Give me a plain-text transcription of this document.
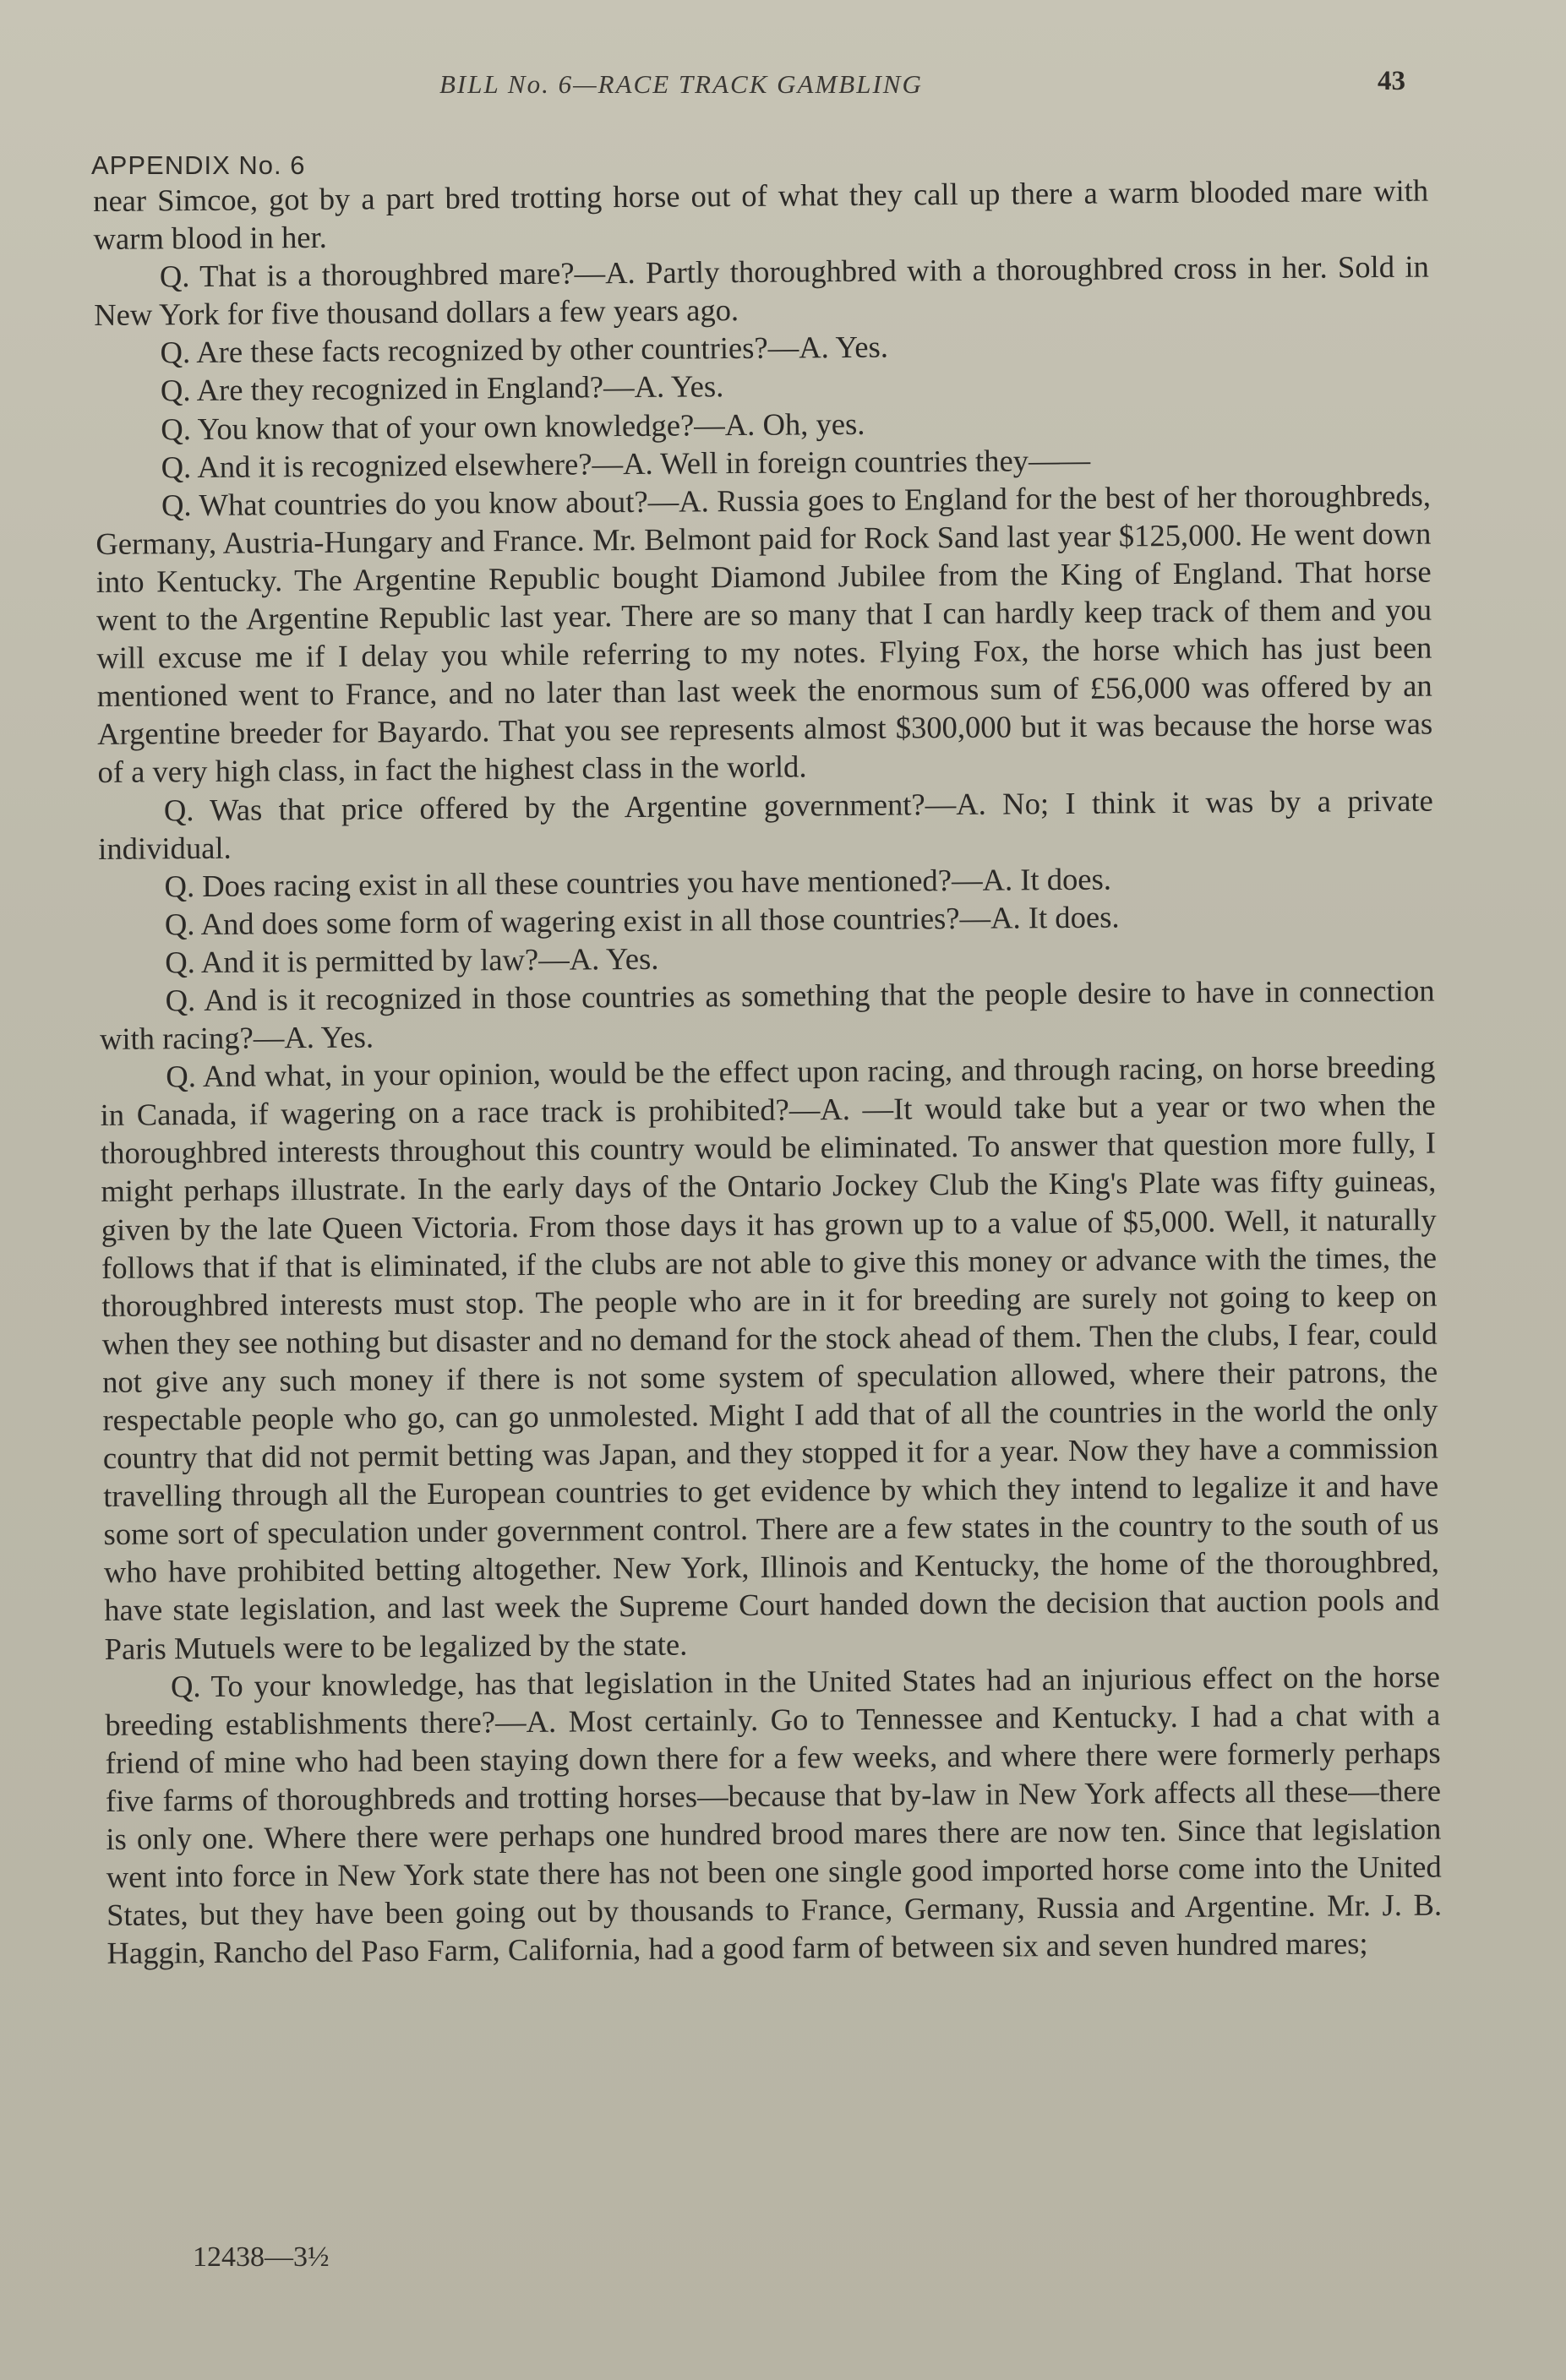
BILL No. 6—RACE TRACK GAMBLING	43
APPENDIX No. 6

near Simcoe, got by a part bred trotting horse out of what they call up there a warm blooded mare with warm blood in her.

Q. That is a thoroughbred mare?—A. Partly thoroughbred with a thoroughbred cross in her. Sold in New York for five thousand dollars a few years ago.

Q. Are these facts recognized by other countries?—A. Yes.

Q. Are they recognized in England?—A. Yes.

Q. You know that of your own knowledge?—A. Oh, yes.

Q. And it is recognized elsewhere?—A. Well in foreign countries they——

Q. What countries do you know about?—A. Russia goes to England for the best of her thoroughbreds, Germany, Austria-Hungary and France. Mr. Belmont paid for Rock Sand last year $125,000. He went down into Kentucky. The Argentine Republic bought Diamond Jubilee from the King of England. That horse went to the Argentine Republic last year. There are so many that I can hardly keep track of them and you will excuse me if I delay you while referring to my notes. Flying Fox, the horse which has just been mentioned went to France, and no later than last week the enormous sum of £56,000 was offered by an Argentine breeder for Bayardo. That you see represents almost $300,000 but it was because the horse was of a very high class, in fact the highest class in the world.

Q. Was that price offered by the Argentine government?—A. No; I think it was by a private individual.

Q. Does racing exist in all these countries you have mentioned?—A. It does.

Q. And does some form of wagering exist in all those countries?—A. It does.

Q. And it is permitted by law?—A. Yes.

Q. And is it recognized in those countries as something that the people desire to have in connection with racing?—A. Yes.

Q. And what, in your opinion, would be the effect upon racing, and through racing, on horse breeding in Canada, if wagering on a race track is prohibited?—A. —It would take but a year or two when the thoroughbred interests throughout this country would be eliminated. To answer that question more fully, I might perhaps illustrate. In the early days of the Ontario Jockey Club the King's Plate was fifty guineas, given by the late Queen Victoria. From those days it has grown up to a value of $5,000. Well, it naturally follows that if that is eliminated, if the clubs are not able to give this money or advance with the times, the thoroughbred interests must stop. The people who are in it for breeding are surely not going to keep on when they see nothing but disaster and no demand for the stock ahead of them. Then the clubs, I fear, could not give any such money if there is not some system of speculation allowed, where their patrons, the respectable people who go, can go unmolested. Might I add that of all the countries in the world the only country that did not permit betting was Japan, and they stopped it for a year. Now they have a commission travelling through all the European countries to get evidence by which they intend to legalize it and have some sort of speculation under government control. There are a few states in the country to the south of us who have prohibited betting altogether. New York, Illinois and Kentucky, the home of the thoroughbred, have state legislation, and last week the Supreme Court handed down the decision that auction pools and Paris Mutuels were to be legalized by the state.

Q. To your knowledge, has that legislation in the United States had an injurious effect on the horse breeding establishments there?—A. Most certainly. Go to Tennessee and Kentucky. I had a chat with a friend of mine who had been staying down there for a few weeks, and where there were formerly perhaps five farms of thoroughbreds and trotting horses—because that by-law in New York affects all these—there is only one. Where there were perhaps one hundred brood mares there are now ten. Since that legislation went into force in New York state there has not been one single good imported horse come into the United States, but they have been going out by thousands to France, Germany, Russia and Argentine. Mr. J. B. Haggin, Rancho del Paso Farm, California, had a good farm of between six and seven hundred mares;

12438—3½
